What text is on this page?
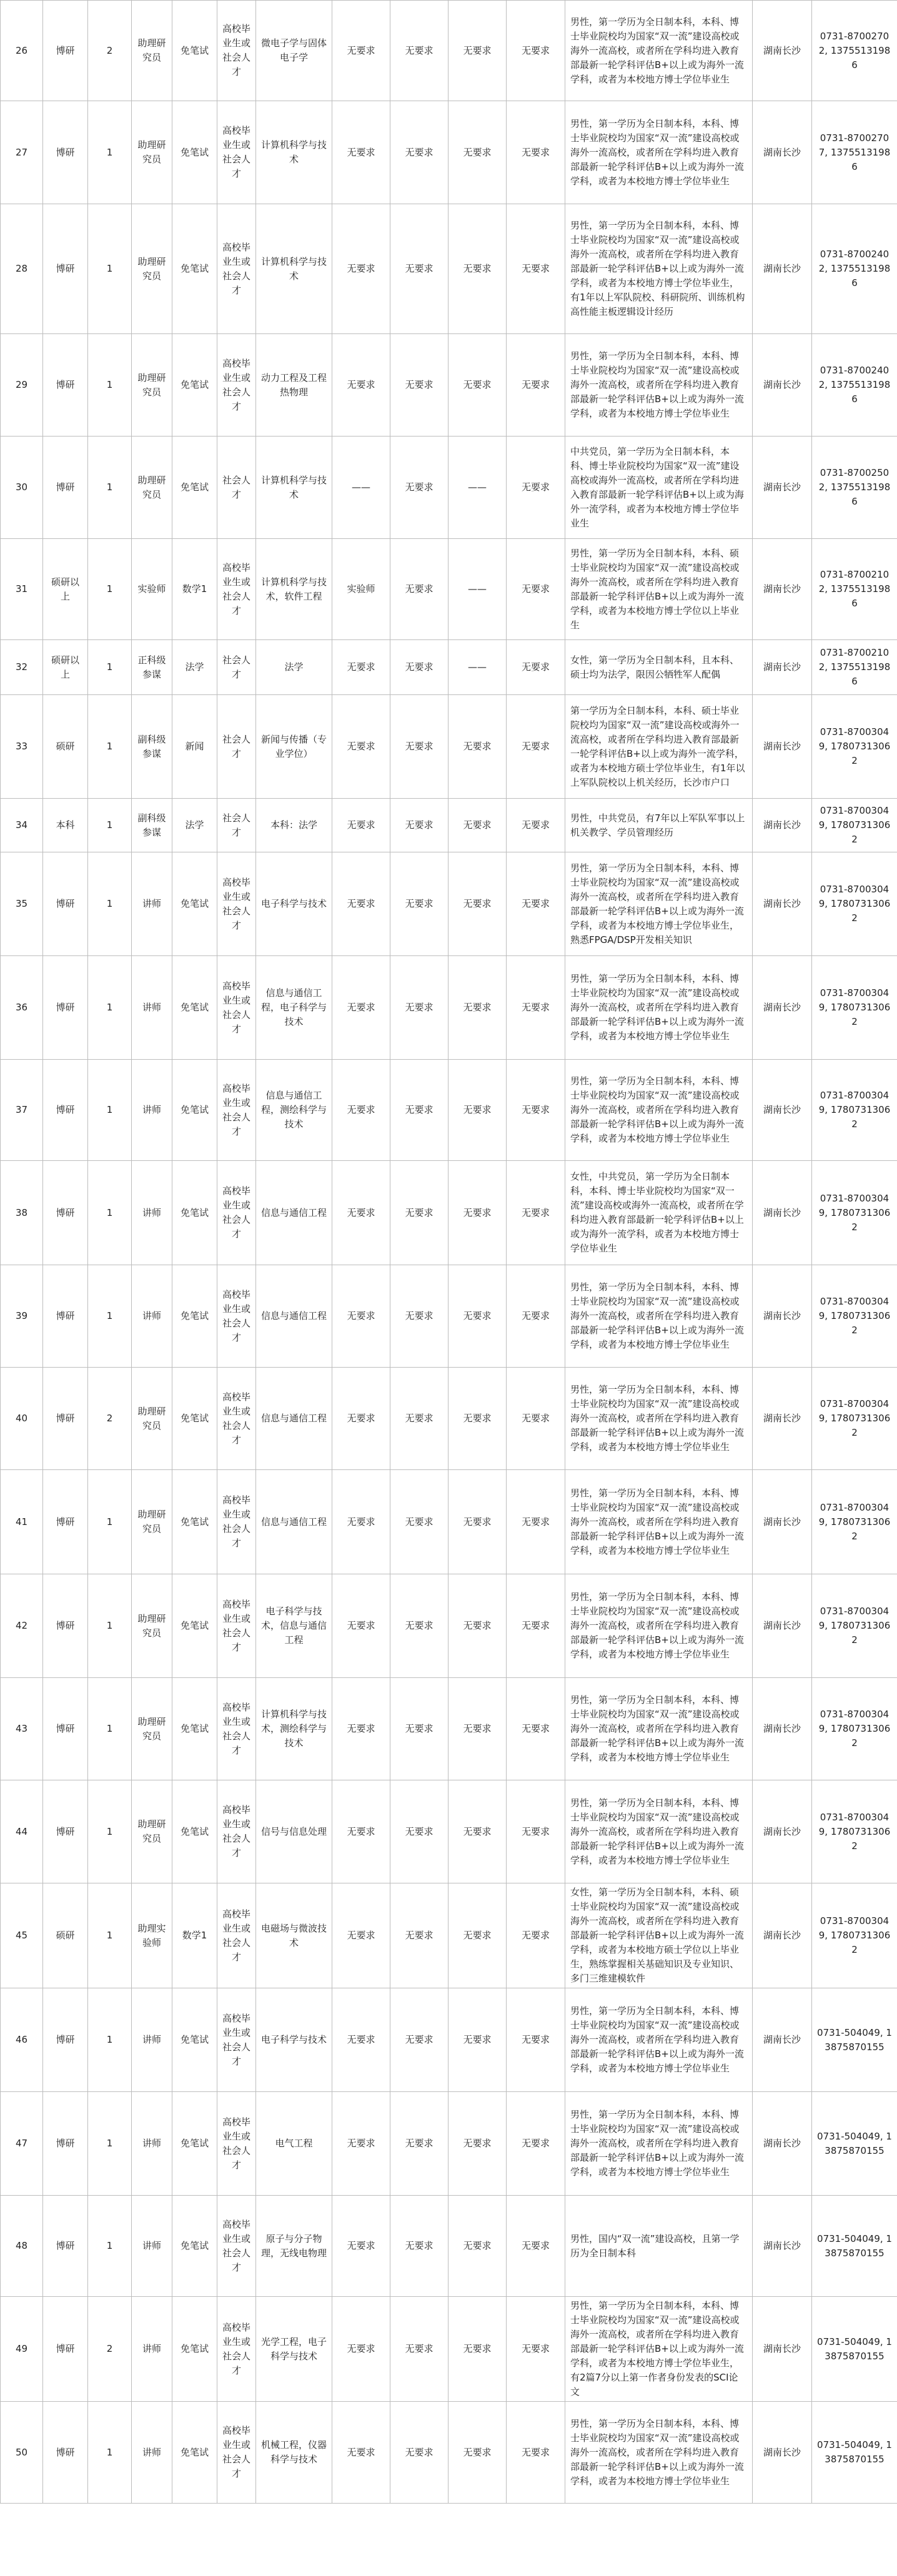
26	博研	2	助理研究员	免笔试	高校毕业生或社会人才	微电子学与固体电子学	无要求	无要求	无要求	无要求	男性，第一学历为全日制本科，本科、博士毕业院校均为国家“双一流”建设高校或海外一流高校，或者所在学科均进入教育部最新一轮学科评估B+以上或为海外一流学科，或者为本校地方博士学位毕业生	湖南长沙	0731-87002702, 13755131986
27	博研	1	助理研究员	免笔试	高校毕业生或社会人才	计算机科学与技术	无要求	无要求	无要求	无要求	男性，第一学历为全日制本科，本科、博士毕业院校均为国家“双一流”建设高校或海外一流高校，或者所在学科均进入教育部最新一轮学科评估B+以上或为海外一流学科，或者为本校地方博士学位毕业生	湖南长沙	0731-87002707, 13755131986
28	博研	1	助理研究员	免笔试	高校毕业生或社会人才	计算机科学与技术	无要求	无要求	无要求	无要求	男性，第一学历为全日制本科，本科、博士毕业院校均为国家“双一流”建设高校或海外一流高校，或者所在学科均进入教育部最新一轮学科评估B+以上或为海外一流学科，或者为本校地方博士学位毕业生，有1年以上军队院校、科研院所、训练机构高性能主板逻辑设计经历	湖南长沙	0731-87002402, 13755131986
29	博研	1	助理研究员	免笔试	高校毕业生或社会人才	动力工程及工程热物理	无要求	无要求	无要求	无要求	男性，第一学历为全日制本科，本科、博士毕业院校均为国家“双一流”建设高校或海外一流高校，或者所在学科均进入教育部最新一轮学科评估B+以上或为海外一流学科，或者为本校地方博士学位毕业生	湖南长沙	0731-87002402, 13755131986
30	博研	1	助理研究员	免笔试	社会人才	计算机科学与技术	——	无要求	——	无要求	中共党员，第一学历为全日制本科，本科、博士毕业院校均为国家“双一流”建设高校或海外一流高校，或者所在学科均进入教育部最新一轮学科评估B+以上或为海外一流学科，或者为本校地方博士学位毕业生	湖南长沙	0731-87002502, 13755131986
31	硕研以上	1	实验师	数学1	高校毕业生或社会人才	计算机科学与技术，软件工程	实验师	无要求	——	无要求	男性，第一学历为全日制本科，本科、硕士毕业院校均为国家“双一流”建设高校或海外一流高校，或者所在学科均进入教育部最新一轮学科评估B+以上或为海外一流学科，或者为本校地方博士学位以上毕业生	湖南长沙	0731-87002102, 13755131986
32	硕研以上	1	正科级参谋	法学	社会人才	法学	无要求	无要求	——	无要求	女性，第一学历为全日制本科，且本科、硕士均为法学，限因公牺牲军人配偶	湖南长沙	0731-87002102, 13755131986
33	硕研	1	副科级参谋	新闻	社会人才	新闻与传播（专业学位）	无要求	无要求	无要求	无要求	第一学历为全日制本科，本科、硕士毕业院校均为国家“双一流”建设高校或海外一流高校，或者所在学科均进入教育部最新一轮学科评估B+以上或为海外一流学科，或者为本校地方硕士学位毕业生，有1年以上军队院校以上机关经历，长沙市户口	湖南长沙	0731-87003049, 17807313062
34	本科	1	副科级参谋	法学	社会人才	本科：法学	无要求	无要求	无要求	无要求	男性，中共党员，有7年以上军队军事以上机关教学、学员管理经历	湖南长沙	0731-87003049, 17807313062
35	博研	1	讲师	免笔试	高校毕业生或社会人才	电子科学与技术	无要求	无要求	无要求	无要求	男性，第一学历为全日制本科，本科、博士毕业院校均为国家“双一流”建设高校或海外一流高校，或者所在学科均进入教育部最新一轮学科评估B+以上或为海外一流学科，或者为本校地方博士学位毕业生，熟悉FPGA/DSP开发相关知识	湖南长沙	0731-87003049, 17807313062
36	博研	1	讲师	免笔试	高校毕业生或社会人才	信息与通信工程，电子科学与技术	无要求	无要求	无要求	无要求	男性，第一学历为全日制本科，本科、博士毕业院校均为国家“双一流”建设高校或海外一流高校，或者所在学科均进入教育部最新一轮学科评估B+以上或为海外一流学科，或者为本校地方博士学位毕业生	湖南长沙	0731-87003049, 17807313062
37	博研	1	讲师	免笔试	高校毕业生或社会人才	信息与通信工程，测绘科学与技术	无要求	无要求	无要求	无要求	男性，第一学历为全日制本科，本科、博士毕业院校均为国家“双一流”建设高校或海外一流高校，或者所在学科均进入教育部最新一轮学科评估B+以上或为海外一流学科，或者为本校地方博士学位毕业生	湖南长沙	0731-87003049, 17807313062
38	博研	1	讲师	免笔试	高校毕业生或社会人才	信息与通信工程	无要求	无要求	无要求	无要求	女性，中共党员，第一学历为全日制本科，本科、博士毕业院校均为国家“双一流”建设高校或海外一流高校，或者所在学科均进入教育部最新一轮学科评估B+以上或为海外一流学科，或者为本校地方博士学位毕业生	湖南长沙	0731-87003049, 17807313062
39	博研	1	讲师	免笔试	高校毕业生或社会人才	信息与通信工程	无要求	无要求	无要求	无要求	男性，第一学历为全日制本科，本科、博士毕业院校均为国家“双一流”建设高校或海外一流高校，或者所在学科均进入教育部最新一轮学科评估B+以上或为海外一流学科，或者为本校地方博士学位毕业生	湖南长沙	0731-87003049, 17807313062
40	博研	2	助理研究员	免笔试	高校毕业生或社会人才	信息与通信工程	无要求	无要求	无要求	无要求	男性，第一学历为全日制本科，本科、博士毕业院校均为国家“双一流”建设高校或海外一流高校，或者所在学科均进入教育部最新一轮学科评估B+以上或为海外一流学科，或者为本校地方博士学位毕业生	湖南长沙	0731-87003049, 17807313062
41	博研	1	助理研究员	免笔试	高校毕业生或社会人才	信息与通信工程	无要求	无要求	无要求	无要求	男性，第一学历为全日制本科，本科、博士毕业院校均为国家“双一流”建设高校或海外一流高校，或者所在学科均进入教育部最新一轮学科评估B+以上或为海外一流学科，或者为本校地方博士学位毕业生	湖南长沙	0731-87003049, 17807313062
42	博研	1	助理研究员	免笔试	高校毕业生或社会人才	电子科学与技术，信息与通信工程	无要求	无要求	无要求	无要求	男性，第一学历为全日制本科，本科、博士毕业院校均为国家“双一流”建设高校或海外一流高校，或者所在学科均进入教育部最新一轮学科评估B+以上或为海外一流学科，或者为本校地方博士学位毕业生	湖南长沙	0731-87003049, 17807313062
43	博研	1	助理研究员	免笔试	高校毕业生或社会人才	计算机科学与技术，测绘科学与技术	无要求	无要求	无要求	无要求	男性，第一学历为全日制本科，本科、博士毕业院校均为国家“双一流”建设高校或海外一流高校，或者所在学科均进入教育部最新一轮学科评估B+以上或为海外一流学科，或者为本校地方博士学位毕业生	湖南长沙	0731-87003049, 17807313062
44	博研	1	助理研究员	免笔试	高校毕业生或社会人才	信号与信息处理	无要求	无要求	无要求	无要求	男性，第一学历为全日制本科，本科、博士毕业院校均为国家“双一流”建设高校或海外一流高校，或者所在学科均进入教育部最新一轮学科评估B+以上或为海外一流学科，或者为本校地方博士学位毕业生	湖南长沙	0731-87003049, 17807313062
45	硕研	1	助理实验师	数学1	高校毕业生或社会人才	电磁场与微波技术	无要求	无要求	无要求	无要求	女性，第一学历为全日制本科，本科、硕士毕业院校均为国家“双一流”建设高校或海外一流高校，或者所在学科均进入教育部最新一轮学科评估B+以上或为海外一流学科，或者为本校地方硕士学位以上毕业生，熟练掌握相关基础知识及专业知识、多门三维建模软件	湖南长沙	0731-87003049, 17807313062
46	博研	1	讲师	免笔试	高校毕业生或社会人才	电子科学与技术	无要求	无要求	无要求	无要求	男性，第一学历为全日制本科，本科、博士毕业院校均为国家“双一流”建设高校或海外一流高校，或者所在学科均进入教育部最新一轮学科评估B+以上或为海外一流学科，或者为本校地方博士学位毕业生	湖南长沙	0731-504049, 13875870155
47	博研	1	讲师	免笔试	高校毕业生或社会人才	电气工程	无要求	无要求	无要求	无要求	男性，第一学历为全日制本科，本科、博士毕业院校均为国家“双一流”建设高校或海外一流高校，或者所在学科均进入教育部最新一轮学科评估B+以上或为海外一流学科，或者为本校地方博士学位毕业生	湖南长沙	0731-504049, 13875870155
48	博研	1	讲师	免笔试	高校毕业生或社会人才	原子与分子物理，无线电物理	无要求	无要求	无要求	无要求	男性，国内“双一流”建设高校，且第一学历为全日制本科	湖南长沙	0731-504049, 13875870155
49	博研	2	讲师	免笔试	高校毕业生或社会人才	光学工程，电子科学与技术	无要求	无要求	无要求	无要求	男性，第一学历为全日制本科，本科、博士毕业院校均为国家“双一流”建设高校或海外一流高校，或者所在学科均进入教育部最新一轮学科评估B+以上或为海外一流学科，或者为本校地方博士学位毕业生，有2篇7分以上第一作者身份发表的SCI论文	湖南长沙	0731-504049, 13875870155
50	博研	1	讲师	免笔试	高校毕业生或社会人才	机械工程，仪器科学与技术	无要求	无要求	无要求	无要求	男性，第一学历为全日制本科，本科、博士毕业院校均为国家“双一流”建设高校或海外一流高校，或者所在学科均进入教育部最新一轮学科评估B+以上或为海外一流学科，或者为本校地方博士学位毕业生	湖南长沙	0731-504049, 13875870155
